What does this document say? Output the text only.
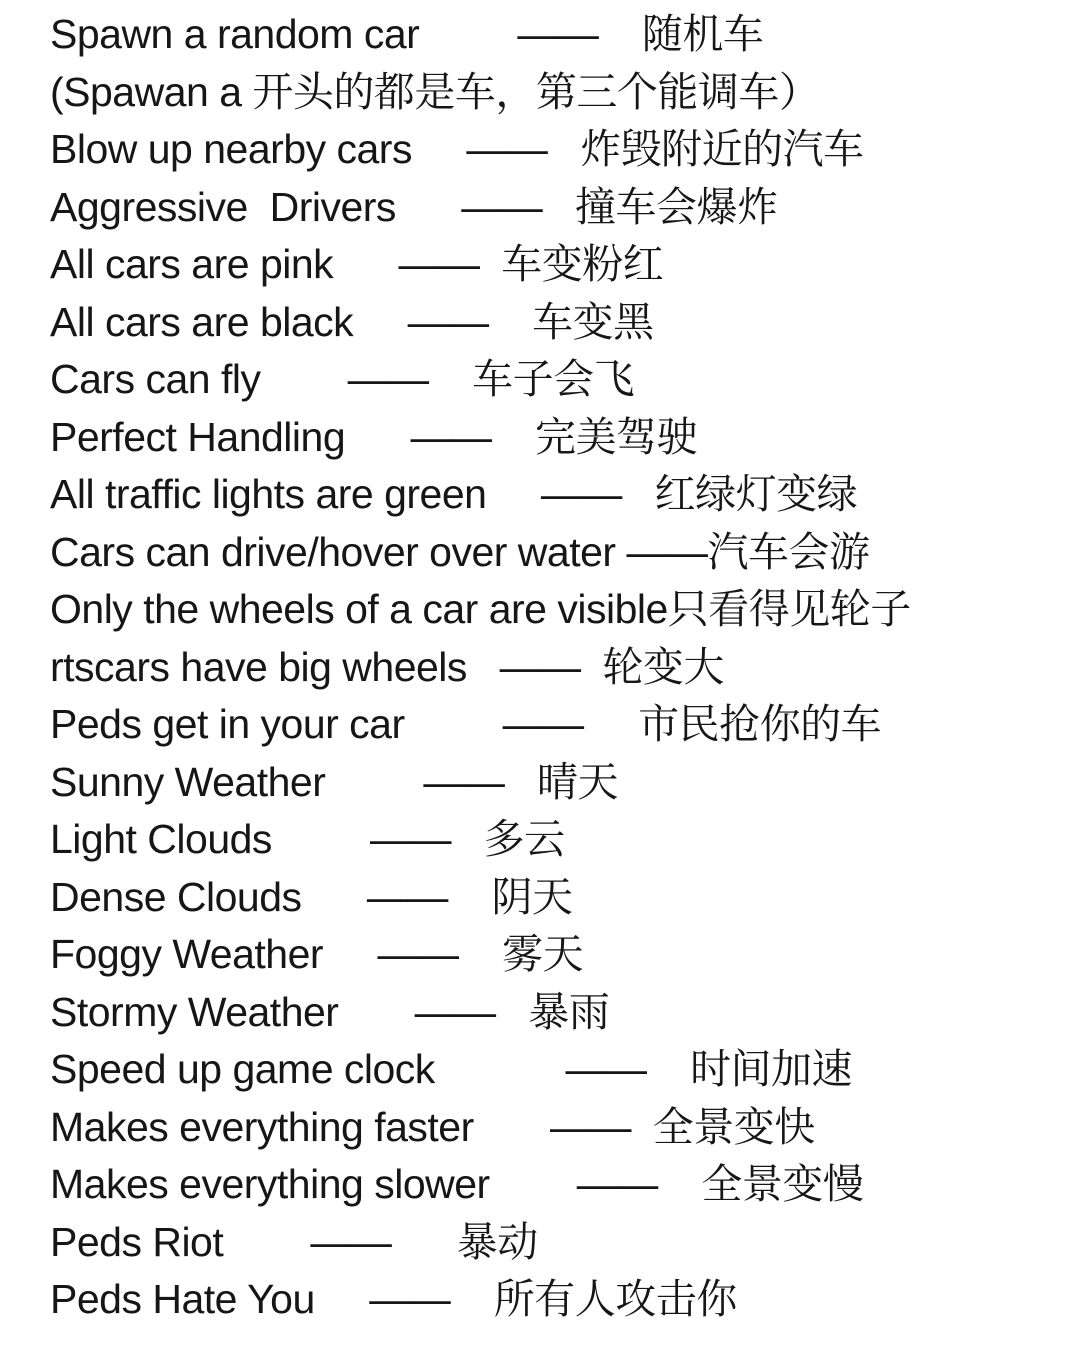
Spawn a random car         ——    随机车
(Spawan a 开头的都是车，第三个能调车）
Blow up nearby cars     ——   炸毁附近的汽车
Aggressive  Drivers      ——   撞车会爆炸
All cars are pink      ——  车变粉红
All cars are black     ——    车变黑
Cars can fly        ——    车子会飞
Perfect Handling      ——    完美驾驶
All traffic lights are green     ——   红绿灯变绿
Cars can drive/hover over water ——汽车会游
Only the wheels of a car are visible只看得见轮子
rtscars have big wheels   ——  轮变大
Peds get in your car         ——     市民抢你的车
Sunny Weather         ——   晴天
Light Clouds         ——   多云
Dense Clouds      ——    阴天
Foggy Weather     ——    雾天
Stormy Weather       ——   暴雨
Speed up game clock            ——    时间加速
Makes everything faster       ——  全景变快
Makes everything slower        ——    全景变慢
Peds Riot        ——      暴动
Peds Hate You     ——    所有人攻击你
